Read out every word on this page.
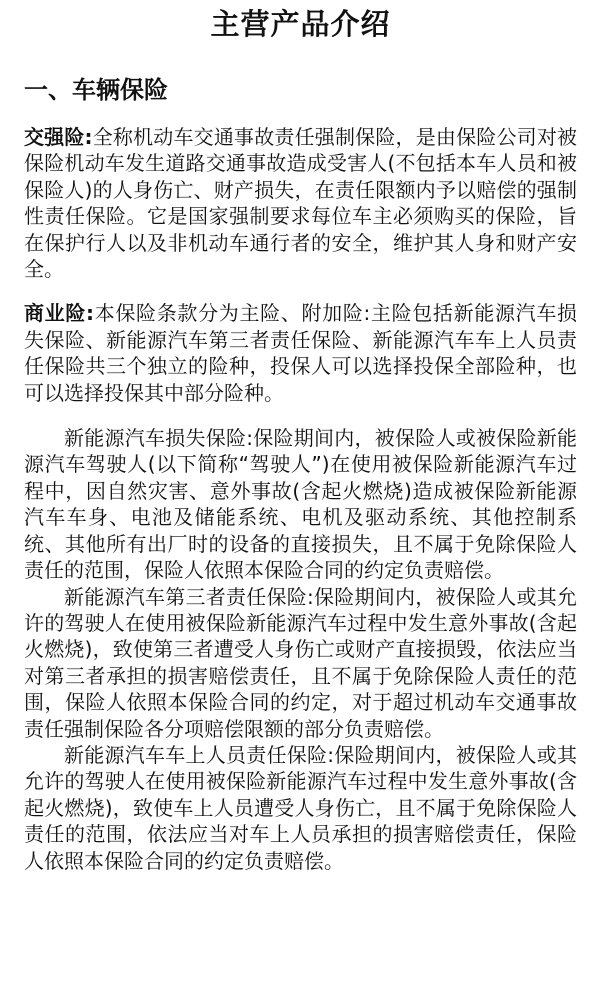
主营产品介绍
一、车辆保险

交强险:全称机动车交通事故责任强制保险，是由保险公司对被保险机动车发生道路交通事故造成受害人(不包括本车人员和被保险人)的人身伤亡、财产损失，在责任限额内予以赔偿的强制性责任保险。它是国家强制要求每位车主必须购买的保险，旨在保护行人以及非机动车通行者的安全，维护其人身和财产安全。

商业险:本保险条款分为主险、附加险:主险包括新能源汽车损失保险、新能源汽车第三者责任保险、新能源汽车车上人员责任保险共三个独立的险种，投保人可以选择投保全部险种，也可以选择投保其中部分险种。

新能源汽车损失保险:保险期间内，被保险人或被保险新能源汽车驾驶人(以下简称“驾驶人”)在使用被保险新能源汽车过程中，因自然灾害、意外事故(含起火燃烧)造成被保险新能源汽车车身、电池及储能系统、电机及驱动系统、其他控制系统、其他所有出厂时的设备的直接损失，且不属于免除保险人责任的范围，保险人依照本保险合同的约定负责赔偿。

新能源汽车第三者责任保险:保险期间内，被保险人或其允许的驾驶人在使用被保险新能源汽车过程中发生意外事故(含起火燃烧)，致使第三者遭受人身伤亡或财产直接损毁，依法应当对第三者承担的损害赔偿责任，且不属于免除保险人责任的范围，保险人依照本保险合同的约定，对于超过机动车交通事故责任强制保险各分项赔偿限额的部分负责赔偿。

新能源汽车车上人员责任保险:保险期间内，被保险人或其允许的驾驶人在使用被保险新能源汽车过程中发生意外事故(含起火燃烧)，致使车上人员遭受人身伤亡，且不属于免除保险人责任的范围，依法应当对车上人员承担的损害赔偿责任，保险人依照本保险合同的约定负责赔偿。
